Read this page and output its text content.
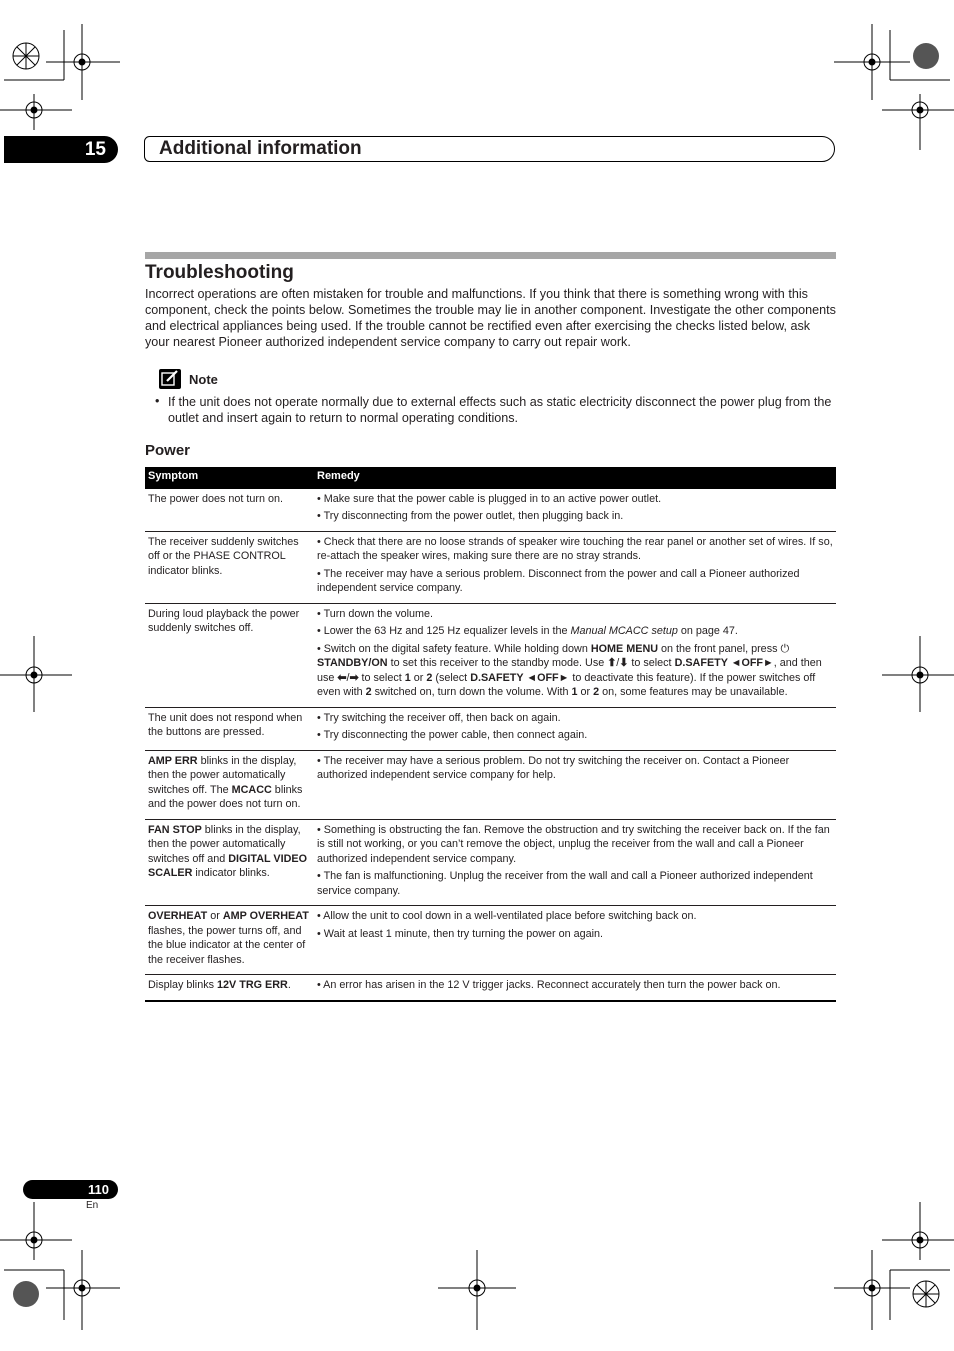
15	Additional information
Troubleshooting
Incorrect operations are often mistaken for trouble and malfunctions. If you think that there is something wrong with this component, check the points below. Sometimes the trouble may lie in another component. Investigate the other components and electrical appliances being used. If the trouble cannot be rectified even after exercising the checks listed below, ask your nearest Pioneer authorized independent service company to carry out repair work.
Note
• If the unit does not operate normally due to external effects such as static electricity disconnect the power plug from the outlet and insert again to return to normal operating conditions.
Power
Symptom	Remedy
The power does not turn on.	• Make sure that the power cable is plugged in to an active power outlet.

• Try disconnecting from the power outlet, then plugging back in.

The receiver suddenly switches off or the PHASE CONTROL indicator blinks.	• Check that there are no loose strands of speaker wire touching the rear panel or another set of wires. If so, re-attach the speaker wires, making sure there are no stray strands.

• The receiver may have a serious problem. Disconnect from the power and call a Pioneer authorized independent service company.

During loud playback the power suddenly switches off.	• Turn down the volume.

• Lower the 63 Hz and 125 Hz equalizer levels in the Manual MCACC setup on page 47.

• Switch on the digital safety feature. While holding down HOME MENU on the front panel, press ⏻ STANDBY/ON to set this receiver to the standby mode. Use ⬆/⬇ to select D.SAFETY ◄OFF►, and then use ⬅/➡ to select 1 or 2 (select D.SAFETY ◄OFF► to deactivate this feature). If the power switches off even with 2 switched on, turn down the volume. With 1 or 2 on, some features may be unavailable.

The unit does not respond when the buttons are pressed.	• Try switching the receiver off, then back on again.

• Try disconnecting the power cable, then connect again.

AMP ERR blinks in the display, then the power automatically switches off. The MCACC blinks and the power does not turn on.	• The receiver may have a serious problem. Do not try switching the receiver on. Contact a Pioneer authorized independent service company for help.

FAN STOP blinks in the display, then the power automatically switches off and DIGITAL VIDEO SCALER indicator blinks.	• Something is obstructing the fan. Remove the obstruction and try switching the receiver back on. If the fan is still not working, or you can’t remove the object, unplug the receiver from the wall and call a Pioneer authorized independent service company.

• The fan is malfunctioning. Unplug the receiver from the wall and call a Pioneer authorized independent service company.

OVERHEAT or AMP OVERHEAT flashes, the power turns off, and the blue indicator at the center of the receiver flashes.	• Allow the unit to cool down in a well-ventilated place before switching back on.

• Wait at least 1 minute, then try turning the power on again.

Display blinks 12V TRG ERR.	• An error has arisen in the 12 V trigger jacks. Reconnect accurately then turn the power back on.

110
En
